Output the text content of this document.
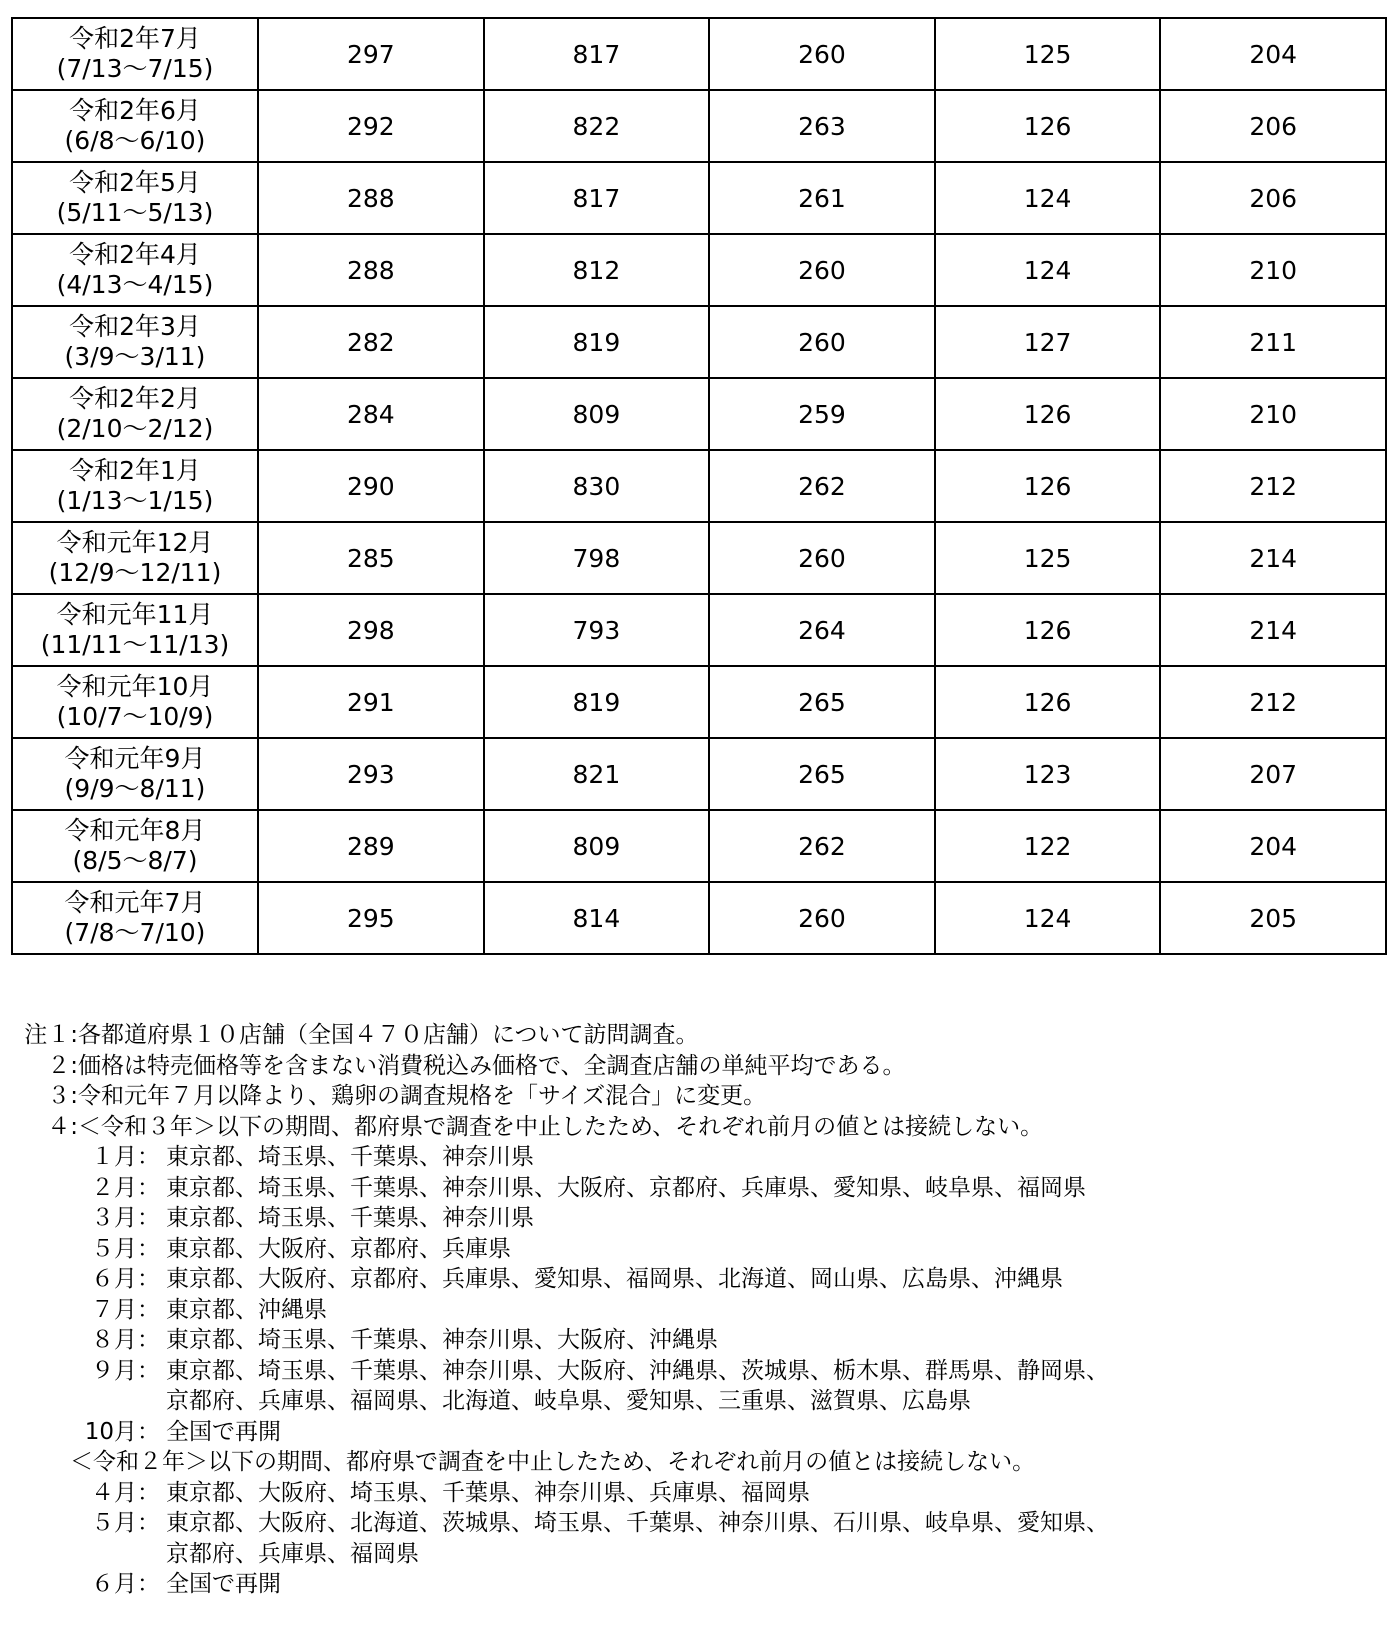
令和2年7月
(7/13～7/15)	297	817	260	125	204

令和2年6月
(6/8～6/10)	292	822	263	126	206

令和2年5月
(5/11～5/13)	288	817	261	124	206

令和2年4月
(4/13～4/15)	288	812	260	124	210

令和2年3月
(3/9～3/11)	282	819	260	127	211

令和2年2月
(2/10～2/12)	284	809	259	126	210

令和2年1月
(1/13～1/15)	290	830	262	126	212

令和元年12月
(12/9～12/11)	285	798	260	125	214

令和元年11月
(11/11～11/13)	298	793	264	126	214

令和元年10月
(10/7～10/9)	291	819	265	126	212

令和元年9月
(9/9～8/11)	293	821	265	123	207

令和元年8月
(8/5～8/7)	289	809	262	122	204

令和元年7月
(7/8～7/10)	295	814	260	124	205
注１: 各都道府県１０店舗（全国４７０店舗）について訪問調査。
２: 価格は特売価格等を含まない消費税込み価格で、全調査店舗の単純平均である。
３: 令和元年７月以降より、鶏卵の調査規格を「サイズ混合」に変更。
４: ＜令和３年＞以下の期間、都府県で調査を中止したため、それぞれ前月の値とは接続しない。
１月： 東京都、埼玉県、千葉県、神奈川県
２月： 東京都、埼玉県、千葉県、神奈川県、大阪府、京都府、兵庫県、愛知県、岐阜県、福岡県
３月： 東京都、埼玉県、千葉県、神奈川県
５月： 東京都、大阪府、京都府、兵庫県
６月： 東京都、大阪府、京都府、兵庫県、愛知県、福岡県、北海道、岡山県、広島県、沖縄県
７月： 東京都、沖縄県
８月： 東京都、埼玉県、千葉県、神奈川県、大阪府、沖縄県
９月： 東京都、埼玉県、千葉県、神奈川県、大阪府、沖縄県、茨城県、栃木県、群馬県、静岡県、
京都府、兵庫県、福岡県、北海道、岐阜県、愛知県、三重県、滋賀県、広島県
10月： 全国で再開
＜令和２年＞以下の期間、都府県で調査を中止したため、それぞれ前月の値とは接続しない。
４月： 東京都、大阪府、埼玉県、千葉県、神奈川県、兵庫県、福岡県
５月： 東京都、大阪府、北海道、茨城県、埼玉県、千葉県、神奈川県、石川県、岐阜県、愛知県、
京都府、兵庫県、福岡県
６月： 全国で再開
